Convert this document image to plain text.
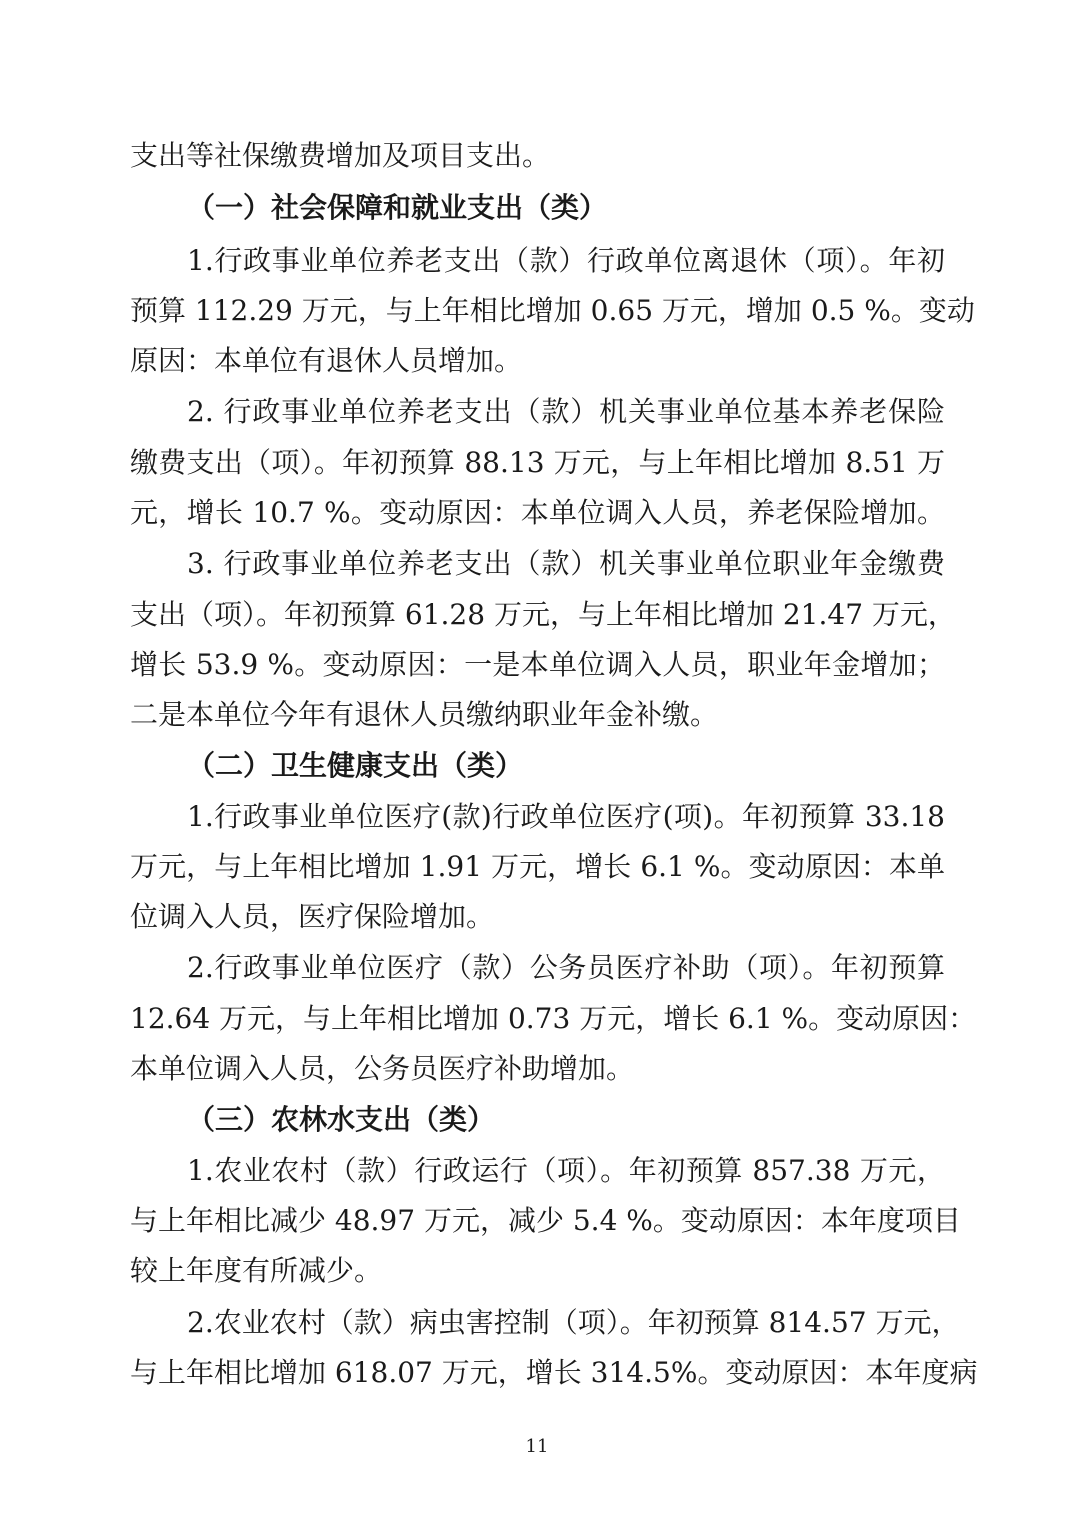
支出等社保缴费增加及项目支出。
（一）社会保障和就业支出（类）
1.行政事业单位养老支出（款）行政单位离退休（项）。年初
预算 112.29 万元，与上年相比增加 0.65 万元，增加 0.5 %。变动
原因：本单位有退休人员增加。
2. 行政事业单位养老支出（款）机关事业单位基本养老保险
缴费支出（项）。年初预算 88.13 万元，与上年相比增加 8.51 万
元，增长 10.7 %。变动原因：本单位调入人员，养老保险增加。
3. 行政事业单位养老支出（款）机关事业单位职业年金缴费
支出（项）。年初预算 61.28 万元，与上年相比增加 21.47 万元，
增长 53.9 %。变动原因：一是本单位调入人员，职业年金增加；
二是本单位今年有退休人员缴纳职业年金补缴。
（二）卫生健康支出（类）
1.行政事业单位医疗(款)行政单位医疗(项)。年初预算 33.18
万元，与上年相比增加 1.91 万元，增长 6.1 %。变动原因：本单
位调入人员，医疗保险增加。
2.行政事业单位医疗（款）公务员医疗补助（项）。年初预算
12.64 万元，与上年相比增加 0.73 万元，增长 6.1 %。变动原因：
本单位调入人员，公务员医疗补助增加。
（三）农林水支出（类）
1.农业农村（款）行政运行（项）。年初预算 857.38 万元，
与上年相比减少 48.97 万元，减少 5.4 %。变动原因：本年度项目
较上年度有所减少。
2.农业农村（款）病虫害控制（项）。年初预算 814.57 万元，
与上年相比增加 618.07 万元，增长 314.5%。变动原因：本年度病
11
